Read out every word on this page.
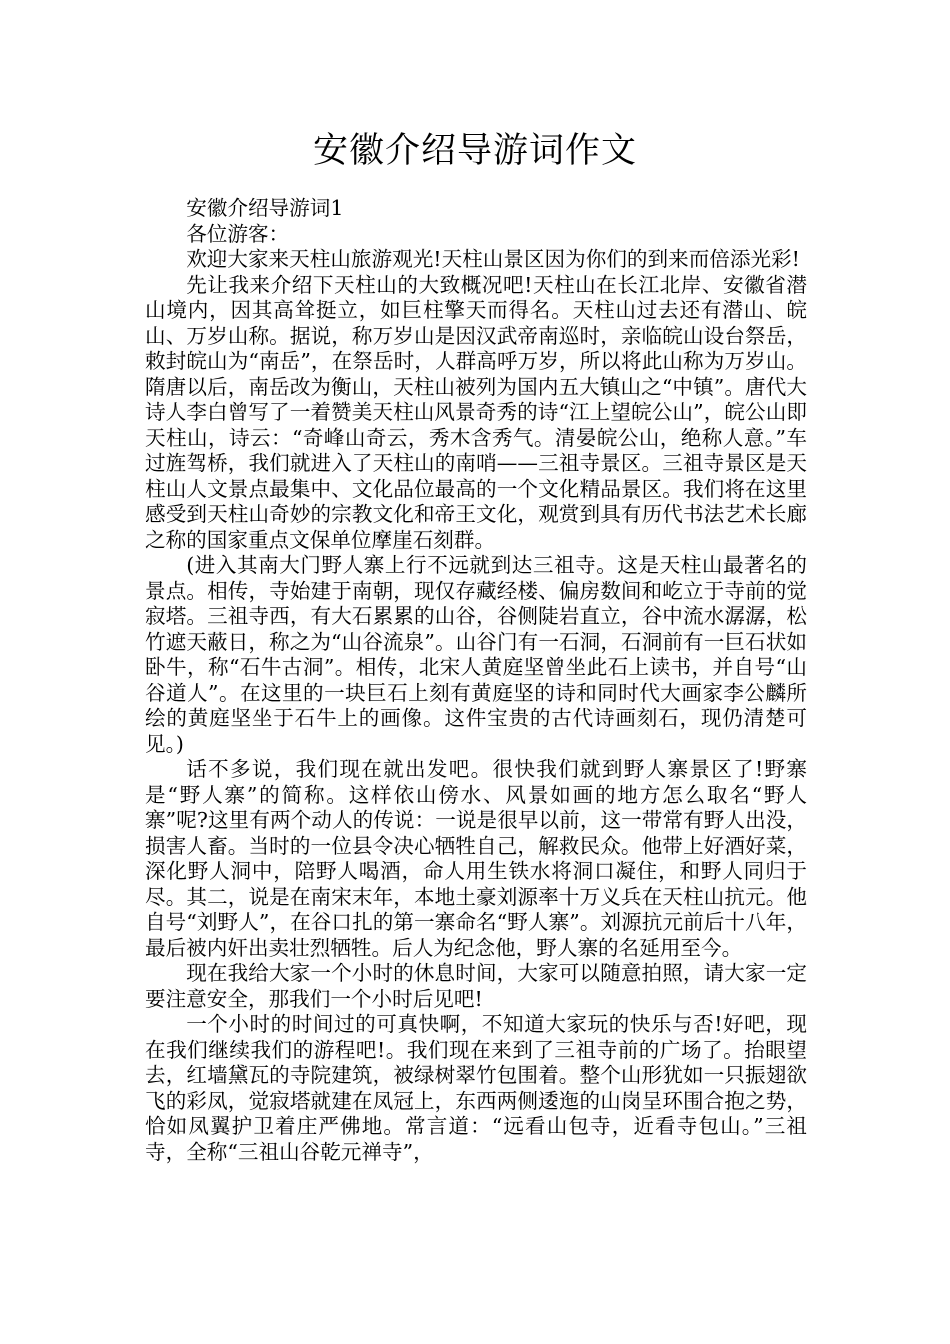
安徽介绍导游词作文

安徽介绍导游词1

各位游客：

欢迎大家来天柱山旅游观光!天柱山景区因为你们的到来而倍添光彩!

先让我来介绍下天柱山的大致概况吧!天柱山在长江北岸、安徽省潜山境内，因其高耸挺立，如巨柱擎天而得名。天柱山过去还有潜山、皖山、万岁山称。据说，称万岁山是因汉武帝南巡时，亲临皖山设台祭岳，敕封皖山为“南岳”，在祭岳时，人群高呼万岁，所以将此山称为万岁山。隋唐以后，南岳改为衡山，天柱山被列为国内五大镇山之“中镇”。唐代大诗人李白曾写了一着赞美天柱山风景奇秀的诗“江上望皖公山”，皖公山即天柱山，诗云：“奇峰山奇云，秀木含秀气。清晏皖公山，绝称人意。”车过旌驾桥，我们就进入了天柱山的南哨——三祖寺景区。三祖寺景区是天柱山人文景点最集中、文化品位最高的一个文化精品景区。我们将在这里感受到天柱山奇妙的宗教文化和帝王文化，观赏到具有历代书法艺术长廊之称的国家重点文保单位摩崖石刻群。

(进入其南大门野人寨上行不远就到达三祖寺。这是天柱山最著名的景点。相传，寺始建于南朝，现仅存藏经楼、偏房数间和屹立于寺前的觉寂塔。三祖寺西，有大石累累的山谷，谷侧陡岩直立，谷中流水潺潺，松竹遮天蔽日，称之为“山谷流泉”。山谷门有一石洞，石洞前有一巨石状如卧牛，称“石牛古洞”。相传，北宋人黄庭坚曾坐此石上读书，并自号“山谷道人”。在这里的一块巨石上刻有黄庭坚的诗和同时代大画家李公麟所绘的黄庭坚坐于石牛上的画像。这件宝贵的古代诗画刻石，现仍清楚可见。)

话不多说，我们现在就出发吧。很快我们就到野人寨景区了!野寨是“野人寨”的简称。这样依山傍水、风景如画的地方怎么取名“野人寨”呢?这里有两个动人的传说：一说是很早以前，这一带常有野人出没，损害人畜。当时的一位县令决心牺牲自己，解救民众。他带上好酒好菜，深化野人洞中，陪野人喝酒，命人用生铁水将洞口凝住，和野人同归于尽。其二，说是在南宋末年，本地土豪刘源率十万义兵在天柱山抗元。他自号“刘野人”，在谷口扎的第一寨命名“野人寨”。刘源抗元前后十八年，最后被内奸出卖壮烈牺牲。后人为纪念他，野人寨的名延用至今。

现在我给大家一个小时的休息时间，大家可以随意拍照，请大家一定要注意安全，那我们一个小时后见吧!

一个小时的时间过的可真快啊，不知道大家玩的快乐与否!好吧，现在我们继续我们的游程吧!。我们现在来到了三祖寺前的广场了。抬眼望去，红墙黛瓦的寺院建筑，被绿树翠竹包围着。整个山形犹如一只振翅欲飞的彩凤，觉寂塔就建在凤冠上，东西两侧逶迤的山岗呈环围合抱之势，恰如凤翼护卫着庄严佛地。常言道：“远看山包寺，近看寺包山。”三祖寺，全称“三祖山谷乾元禅寺”，
